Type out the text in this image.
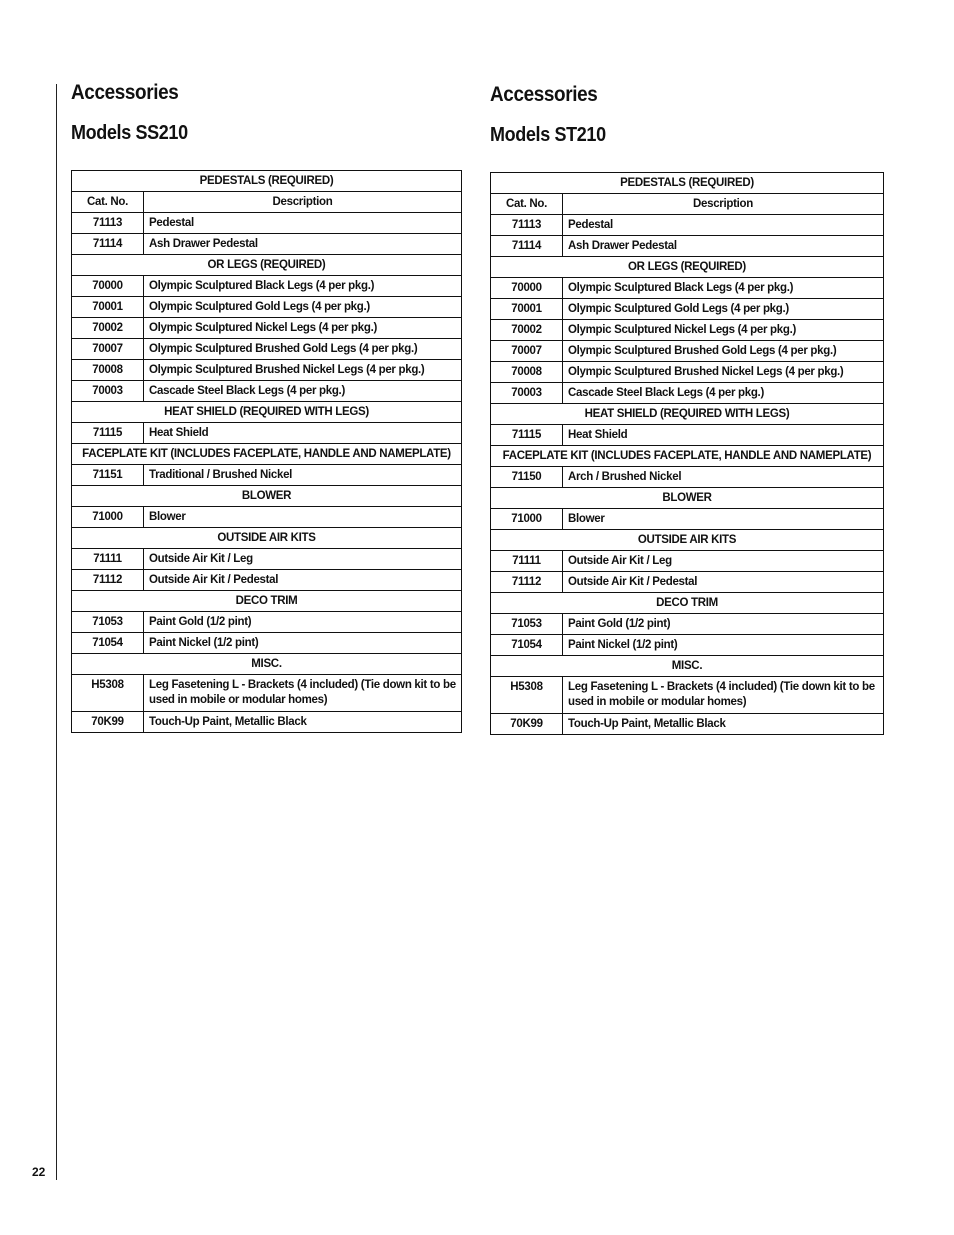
22
Accessories
Models SS210
PEDESTALS (REQUIRED)	
Cat. No.	Description
71113	Pedestal
71114	Ash Drawer Pedestal
OR LEGS (REQUIRED)	
70000	Olympic Sculptured Black Legs (4 per pkg.)
70001	Olympic Sculptured Gold Legs (4 per pkg.)
70002	Olympic Sculptured Nickel Legs (4 per pkg.)
70007	Olympic Sculptured Brushed Gold Legs (4 per pkg.)
70008	Olympic Sculptured Brushed Nickel Legs (4 per pkg.)
70003	Cascade Steel Black Legs (4 per pkg.)
HEAT SHIELD (REQUIRED WITH LEGS)	
71115	Heat Shield
FACEPLATE KIT (INCLUDES FACEPLATE, HANDLE AND NAMEPLATE)	
71151	Traditional / Brushed Nickel
BLOWER	
71000	Blower
OUTSIDE AIR KITS	
71111	Outside Air Kit / Leg
71112	Outside Air Kit / Pedestal
DECO TRIM	
71053	Paint Gold (1/2 pint)
71054	Paint Nickel (1/2 pint)
MISC.	
H5308	Leg Fasetening L - Brackets (4 included) (Tie down kit to be used in mobile or modular homes)
70K99	Touch-Up Paint, Metallic Black
Accessories
Models ST210
PEDESTALS (REQUIRED)	
Cat. No.	Description
71113	Pedestal
71114	Ash Drawer Pedestal
OR LEGS (REQUIRED)	
70000	Olympic Sculptured Black Legs (4 per pkg.)
70001	Olympic Sculptured Gold Legs (4 per pkg.)
70002	Olympic Sculptured Nickel Legs (4 per pkg.)
70007	Olympic Sculptured Brushed Gold Legs (4 per pkg.)
70008	Olympic Sculptured Brushed Nickel Legs (4 per pkg.)
70003	Cascade Steel Black Legs (4 per pkg.)
HEAT SHIELD (REQUIRED WITH LEGS)	
71115	Heat Shield
FACEPLATE KIT (INCLUDES FACEPLATE, HANDLE AND NAMEPLATE)	
71150	Arch / Brushed Nickel
BLOWER	
71000	Blower
OUTSIDE AIR KITS	
71111	Outside Air Kit / Leg
71112	Outside Air Kit / Pedestal
DECO TRIM	
71053	Paint Gold (1/2 pint)
71054	Paint Nickel (1/2 pint)
MISC.	
H5308	Leg Fasetening L - Brackets (4 included) (Tie down kit to be used in mobile or modular homes)
70K99	Touch-Up Paint, Metallic Black
